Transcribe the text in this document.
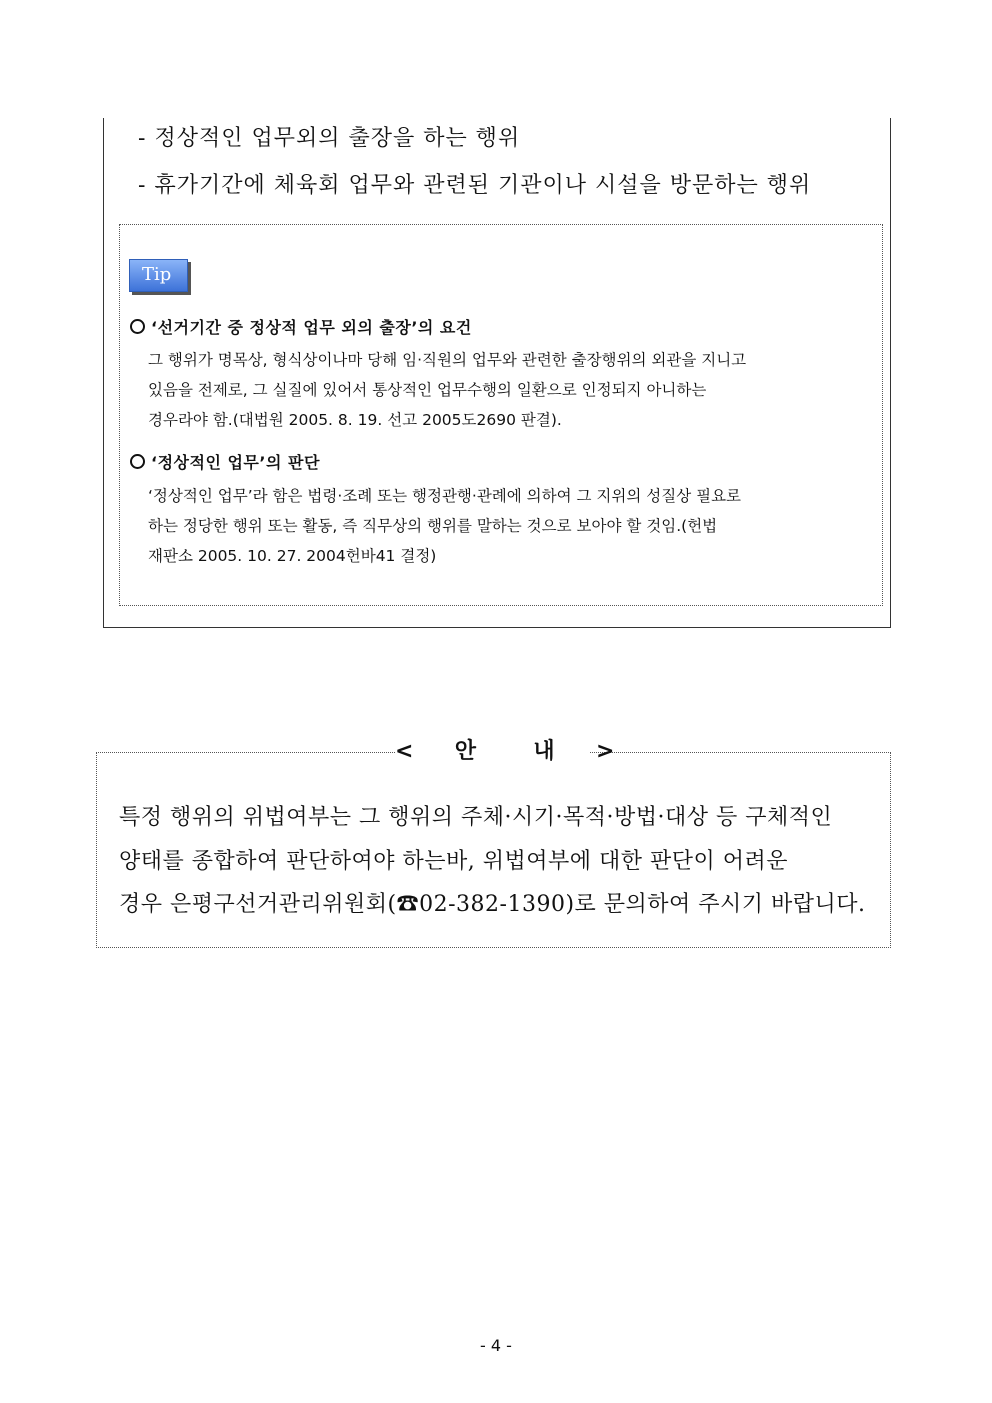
- 정상적인 업무외의 출장을 하는 행위
- 휴가기간에 체육회 업무와 관련된 기관이나 시설을 방문하는 행위
Tip
‘선거기간 중 정상적 업무 외의 출장’의 요건
그 행위가 명목상, 형식상이나마 당해 임·직원의 업무와 관련한 출장행위의 외관을 지니고
있음을 전제로, 그 실질에 있어서 통상적인 업무수행의 일환으로 인정되지 아니하는
경우라야 함.(대법원 2005. 8. 19. 선고 2005도2690 판결).
‘정상적인 업무’의 판단
‘정상적인 업무’라 함은 법령·조례 또는 행정관행·관례에 의하여 그 지위의 성질상 필요로
하는 정당한 행위 또는 활동, 즉 직무상의 행위를 말하는 것으로 보아야 할 것임.(헌법
재판소 2005. 10. 27. 2004헌바41 결정)
< 안	내 >
특정 행위의 위법여부는 그 행위의 주체·시기·목적·방법·대상 등 구체적인
양태를 종합하여 판단하여야 하는바, 위법여부에 대한 판단이 어려운
경우 은평구선거관리위원회(☎02-382-1390)로 문의하여 주시기 바랍니다.
- 4 -
